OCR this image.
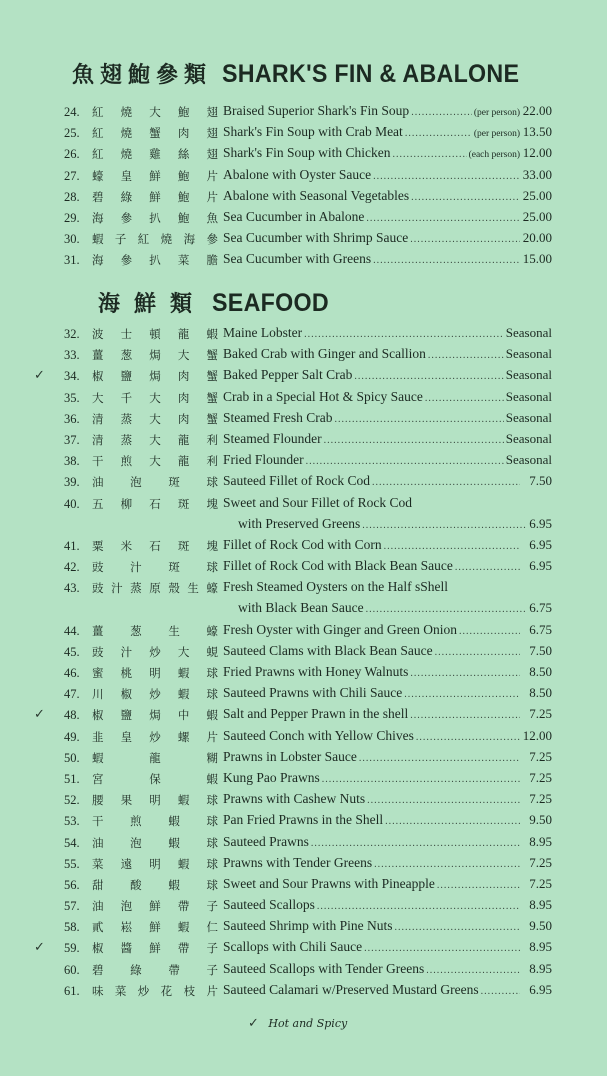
魚翅鮑參類 SHARK'S FIN & ABALONE
24.	紅 燒 大 鮑 翅 Braised Superior Shark's Fin Soup .....	(per person) 22.00
25.	紅 燒 蟹 肉 翅 Shark's Fin Soup with Crab Meat .....	(per person) 13.50
26.	紅 燒 雞 絲 翅 Shark's Fin Soup with Chicken .....	(each person) 12.00
27.	蠔 皇 鮮 鮑 片 Abalone with Oyster Sauce .....	33.00
28.	碧 綠 鮮 鮑 片 Abalone with Seasonal Vegetables .....	25.00
29.	海 參 扒 鮑 魚 Sea Cucumber in Abalone .....	25.00
30.	蝦 子 紅 燒 海 參 Sea Cucumber with Shrimp Sauce .....	20.00
31.	海 參 扒 菜 膽 Sea Cucumber with Greens .....	15.00
海鮮類 SEAFOOD
32.	波 士 頓 龍 蝦 Maine Lobster .....	Seasonal
33.	薑 葱 焗 大 蟹 Baked Crab with Ginger and Scallion .....	Seasonal
✓ 34.	椒 鹽 焗 肉 蟹 Baked Pepper Salt Crab .....	Seasonal
35.	大 千 大 肉 蟹 Crab in a Special Hot & Spicy Sauce .....	Seasonal
36.	清 蒸 大 肉 蟹 Steamed Fresh Crab .....	Seasonal
37.	清 蒸 大 龍 利 Steamed Flounder .....	Seasonal
38.	干 煎 大 龍 利 Fried Flounder .....	Seasonal
39.	油 泡 斑 球 Sauteed Fillet of Rock Cod .....	7.50
40.	五 柳 石 斑 塊 Sweet and Sour Fillet of Rock Cod
with Preserved Greens .....	6.95
41.	粟 米 石 斑 塊 Fillet of Rock Cod with Corn .....	6.95
42.	豉 汁 斑 球 Fillet of Rock Cod with Black Bean Sauce .....	6.95
43.	豉 汁 蒸 原 殼 生 蠔 Fresh Steamed Oysters on the Half sShell
with Black Bean Sauce .....	6.75
44.	薑 葱 生 蠔 Fresh Oyster with Ginger and Green Onion .....	6.75
45.	豉 汁 炒 大 蜆 Sauteed Clams with Black Bean Sauce .....	7.50
46.	蜜 桃 明 蝦 球 Fried Prawns with Honey Walnuts .....	8.50
47.	川 椒 炒 蝦 球 Sauteed Prawns with Chili Sauce .....	8.50
✓ 48.	椒 鹽 焗 中 蝦 Salt and Pepper Prawn in the shell .....	7.25
49.	韭 皇 炒 螺 片 Sauteed Conch with Yellow Chives .....	12.00
50.	蝦	龍	糊 Prawns in Lobster Sauce .....	7.25
51.	宮	保	蝦 Kung Pao Prawns .....	7.25
52.	腰 果 明 蝦 球 Prawns with Cashew Nuts .....	7.25
53.	干 煎 蝦 球 Pan Fried Prawns in the Shell .....	9.50
54.	油 泡 蝦 球 Sauteed Prawns .....	8.95
55.	菜 遠 明 蝦 球 Prawns with Tender Greens .....	7.25
56.	甜 酸 蝦 球 Sweet and Sour Prawns with Pineapple .....	7.25
57.	油 泡 鮮 帶 子 Sauteed Scallops .....	8.95
58.	貳 崧 鮮 蝦 仁 Sauteed Shrimp with Pine Nuts .....	9.50
✓ 59.	椒 醬 鮮 帶 子 Scallops with Chili Sauce .....	8.95
60.	碧 綠 帶 子 Sauteed Scallops with Tender Greens .....	8.95
61.	味 菜 炒 花 枝 片 Sauteed Calamari w/Preserved Mustard Greens .....	6.95
✓ Hot and Spicy
